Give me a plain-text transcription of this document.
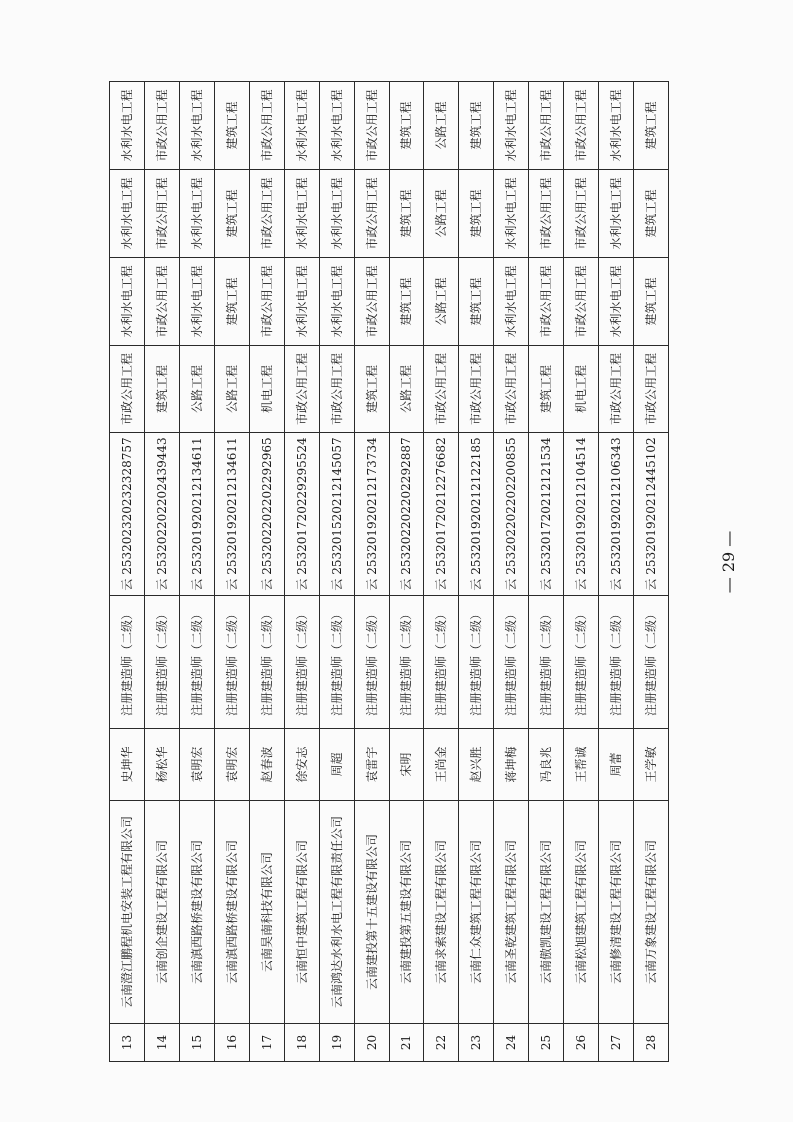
13	云南澄江鹏程机电安装工程有限公司	史坤华	注册建造师（二级）	云 253202320232328757	市政公用工程	水利水电工程	水利水电工程	水利水电工程
14	云南创企建设工程有限公司	杨松华	注册建造师（二级）	云 253202202202439443	建筑工程	市政公用工程	市政公用工程	市政公用工程
15	云南滇西路桥建设有限公司	袁明宏	注册建造师（二级）	云 253201920212134611	公路工程	水利水电工程	水利水电工程	水利水电工程
16	云南滇西路桥建设有限公司	袁明宏	注册建造师（二级）	云 253201920212134611	公路工程	建筑工程	建筑工程	建筑工程
17	云南昊南科技有限公司	赵春波	注册建造师（二级）	云 253202202202292965	机电工程	市政公用工程	市政公用工程	市政公用工程
18	云南恒中建筑工程有限公司	徐安志	注册建造师（二级）	云 253201720229295524	市政公用工程	水利水电工程	水利水电工程	水利水电工程
19	云南鸿达水利水电工程有限责任公司	周超	注册建造师（二级）	云 253201520212145057	市政公用工程	水利水电工程	水利水电工程	水利水电工程
20	云南建投第十五建设有限公司	袁雷宇	注册建造师（二级）	云 253201920212173734	建筑工程	市政公用工程	市政公用工程	市政公用工程
21	云南建投第五建设有限公司	宋明	注册建造师（二级）	云 253202202202292887	公路工程	建筑工程	建筑工程	建筑工程
22	云南求索建设工程有限公司	王尚金	注册建造师（二级）	云 253201720212276682	市政公用工程	公路工程	公路工程	公路工程
23	云南仁众建筑工程有限公司	赵兴胜	注册建造师（二级）	云 253201920212122185	市政公用工程	建筑工程	建筑工程	建筑工程
24	云南圣乾建筑工程有限公司	蒋坤梅	注册建造师（二级）	云 253202202202200855	市政公用工程	水利水电工程	水利水电工程	水利水电工程
25	云南傲凯建设工程有限公司	冯良兆	注册建造师（二级）	云 253201720212121534	建筑工程	市政公用工程	市政公用工程	市政公用工程
26	云南松旭建筑工程有限公司	王帮诚	注册建造师（二级）	云 253201920212104514	机电工程	市政公用工程	市政公用工程	市政公用工程
27	云南修清建设工程有限公司	周蕾	注册建造师（二级）	云 253201920212106343	市政公用工程	水利水电工程	水利水电工程	水利水电工程
28	云南万象建设工程有限公司	王学敏	注册建造师（二级）	云 253201920212445102	市政公用工程	建筑工程	建筑工程	建筑工程
— 29 —
